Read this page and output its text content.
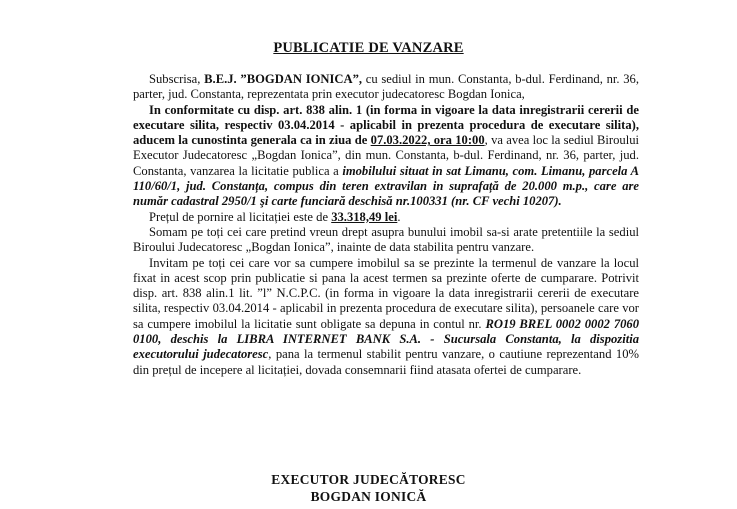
PUBLICATIE DE VANZARE

Subscrisa, B.E.J. ”BOGDAN IONICA”, cu sediul in mun. Constanta, b-dul. Ferdinand, nr. 36, parter, jud. Constanta, reprezentata prin executor judecatoresc Bogdan Ionica,

In conformitate cu disp. art. 838 alin. 1 (in forma in vigoare la data inregistrarii cererii de executare silita, respectiv 03.04.2014 - aplicabil in prezenta procedura de executare silita), aducem la cunostinta generala ca in ziua de 07.03.2022, ora 10:00, va avea loc la sediul Biroului Executor Judecatoresc „Bogdan Ionica”, din mun. Constanta, b-dul. Ferdinand, nr. 36, parter, jud. Constanta, vanzarea la licitatie publica a imobilului situat in sat Limanu, com. Limanu, parcela A 110/60/1, jud. Constanța, compus din teren extravilan in suprafață de 20.000 m.p., care are număr cadastral 2950/1 şi carte funciară deschisă nr.100331 (nr. CF vechi 10207).

Prețul de pornire al licitației este de 33.318,49 lei.

Somam pe toți cei care pretind vreun drept asupra bunului imobil sa-si arate pretentiile la sediul Biroului Judecatoresc „Bogdan Ionica”, inainte de data stabilita pentru vanzare.

Invitam pe toți cei care vor sa cumpere imobilul sa se prezinte la termenul de vanzare la locul fixat in acest scop prin publicatie si pana la acest termen sa prezinte oferte de cumparare. Potrivit disp. art. 838 alin.1 lit. ”l” N.C.P.C. (in forma in vigoare la data inregistrarii cererii de executare silita, respectiv 03.04.2014 - aplicabil in prezenta procedura de executare silita), persoanele care vor sa cumpere imobilul la licitatie sunt obligate sa depuna in contul nr. RO19 BREL 0002 0002 7060 0100, deschis la LIBRA INTERNET BANK S.A. - Sucursala Constanta, la dispozitia executorului judecatoresc, pana la termenul stabilit pentru vanzare, o cautiune reprezentand 10% din prețul de incepere al licitației, dovada consemnarii fiind atasata ofertei de cumparare.

EXECUTOR JUDECĂTORESC
BOGDAN IONICĂ
